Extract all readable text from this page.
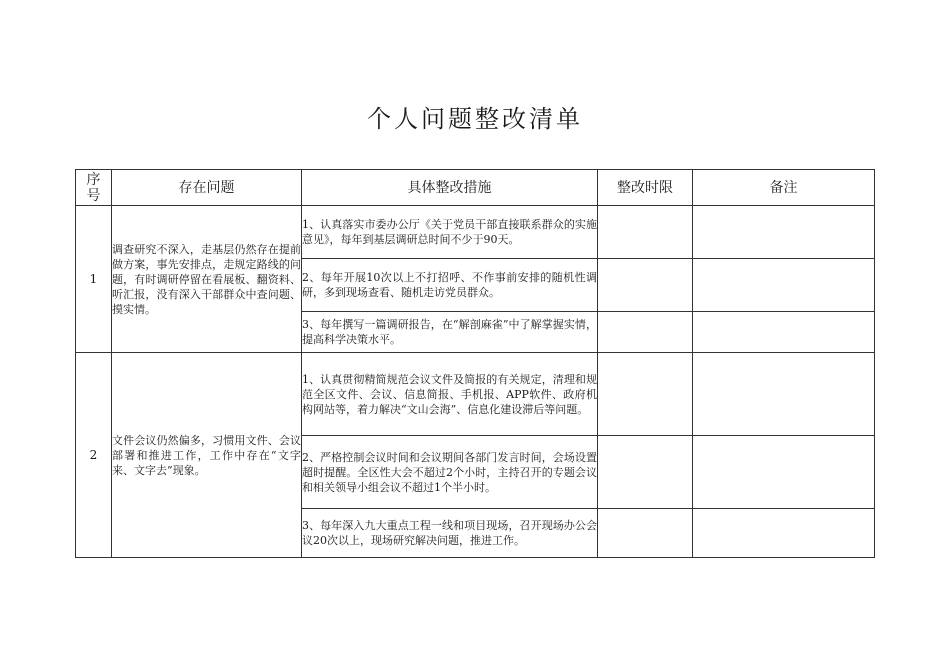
个人问题整改清单
序号	存在问题	具体整改措施	整改时限	备注
1	调查研究不深入，走基层仍然存在提前做方案，事先安排点，走规定路线的问题，有时调研停留在看展板、翻资料、听汇报，没有深入干部群众中查问题、摸实情。	1、认真落实市委办公厅《关于党员干部直接联系群众的实施意见》，每年到基层调研总时间不少于90天。		
		2、每年开展10次以上不打招呼、不作事前安排的随机性调研，多到现场查看、随机走访党员群众。		
		3、每年撰写一篇调研报告，在“解剖麻雀”中了解掌握实情，提高科学决策水平。		
2	文件会议仍然偏多，习惯用文件、会议部署和推进工作，工作中存在“文字来、文字去”现象。	1、认真贯彻精简规范会议文件及简报的有关规定，清理和规范全区文件、会议、信息简报、手机报、APP软件、政府机构网站等，着力解决“文山会海”、信息化建设滞后等问题。		
		2、严格控制会议时间和会议期间各部门发言时间，会场设置超时提醒。全区性大会不超过2个小时，主持召开的专题会议和相关领导小组会议不超过1个半小时。		
		3、每年深入九大重点工程一线和项目现场，召开现场办公会议20次以上，现场研究解决问题，推进工作。		
